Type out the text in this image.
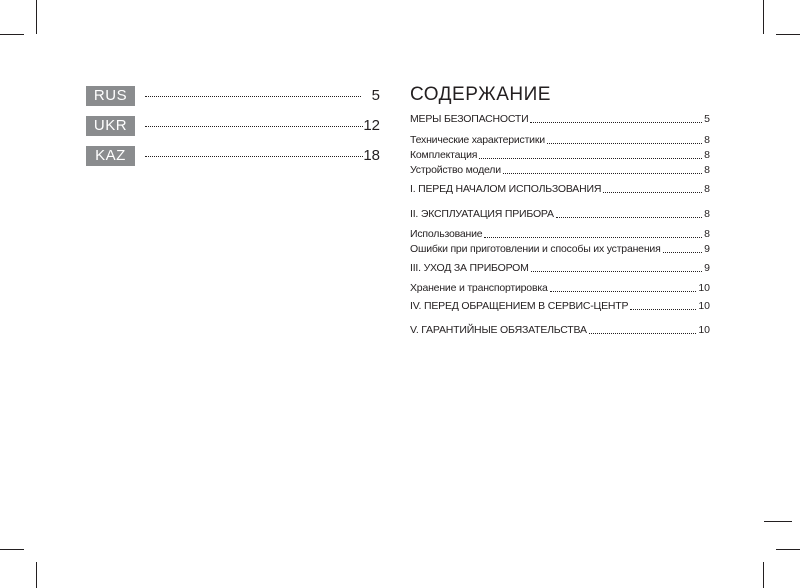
RUS	5
UKR	12
KAZ	18
СОДЕРЖАНИЕ
МЕРЫ БЕЗОПАСНОСТИ	5
Технические характеристики	8
Комплектация	8
Устройство модели	8
I. ПЕРЕД НАЧАЛОМ ИСПОЛЬЗОВАНИЯ	8
II. ЭКСПЛУАТАЦИЯ ПРИБОРА	8
Использование	8
Ошибки при приготовлении и способы их устранения	9
III. УХОД ЗА ПРИБОРОМ	9
Хранение и транспортировка	10
IV. ПЕРЕД ОБРАЩЕНИЕМ В СЕРВИС-ЦЕНТР	10
V. ГАРАНТИЙНЫЕ ОБЯЗАТЕЛЬСТВА	10
